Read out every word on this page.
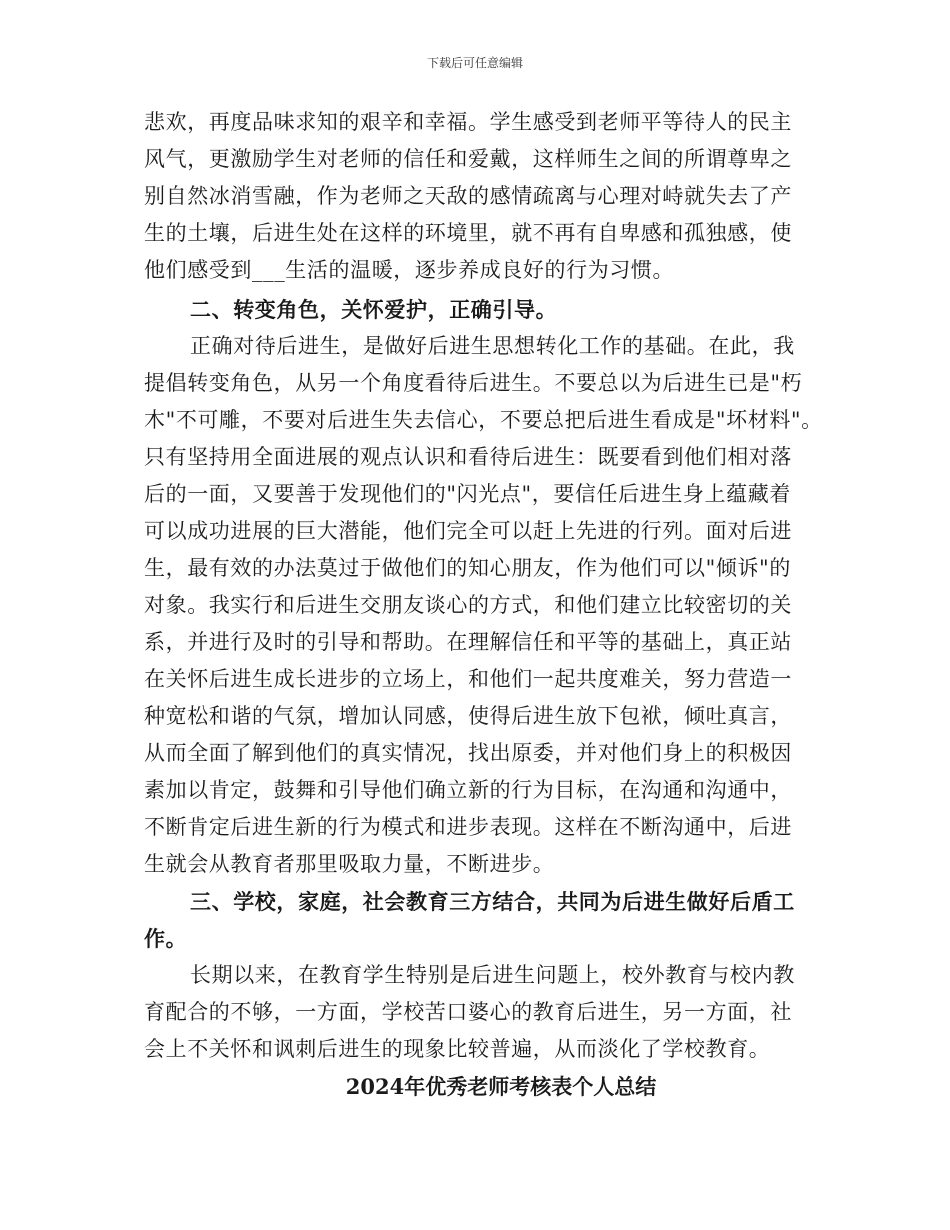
下载后可任意编辑
悲欢，再度品味求知的艰辛和幸福。学生感受到老师平等待人的民主
风气，更激励学生对老师的信任和爱戴，这样师生之间的所谓尊卑之
别自然冰消雪融，作为老师之天敌的感情疏离与心理对峙就失去了产
生的土壤，后进生处在这样的环境里，就不再有自卑感和孤独感，使
他们感受到___生活的温暖，逐步养成良好的行为习惯。
二、转变角色，关怀爱护，正确引导。
正确对待后进生，是做好后进生思想转化工作的基础。在此，我
提倡转变角色，从另一个角度看待后进生。不要总以为后进生已是"朽
木"不可雕，不要对后进生失去信心，不要总把后进生看成是"坏材料"。
只有坚持用全面进展的观点认识和看待后进生：既要看到他们相对落
后的一面，又要善于发现他们的"闪光点"，要信任后进生身上蕴藏着
可以成功进展的巨大潜能，他们完全可以赶上先进的行列。面对后进
生，最有效的办法莫过于做他们的知心朋友，作为他们可以"倾诉"的
对象。我实行和后进生交朋友谈心的方式，和他们建立比较密切的关
系，并进行及时的引导和帮助。在理解信任和平等的基础上，真正站
在关怀后进生成长进步的立场上，和他们一起共度难关，努力营造一
种宽松和谐的气氛，增加认同感，使得后进生放下包袱，倾吐真言，
从而全面了解到他们的真实情况，找出原委，并对他们身上的积极因
素加以肯定，鼓舞和引导他们确立新的行为目标，在沟通和沟通中，
不断肯定后进生新的行为模式和进步表现。这样在不断沟通中，后进
生就会从教育者那里吸取力量，不断进步。
三、学校，家庭，社会教育三方结合，共同为后进生做好后盾工
作。
长期以来，在教育学生特别是后进生问题上，校外教育与校内教
育配合的不够，一方面，学校苦口婆心的教育后进生，另一方面，社
会上不关怀和讽刺后进生的现象比较普遍，从而淡化了学校教育。
2024年优秀老师考核表个人总结
